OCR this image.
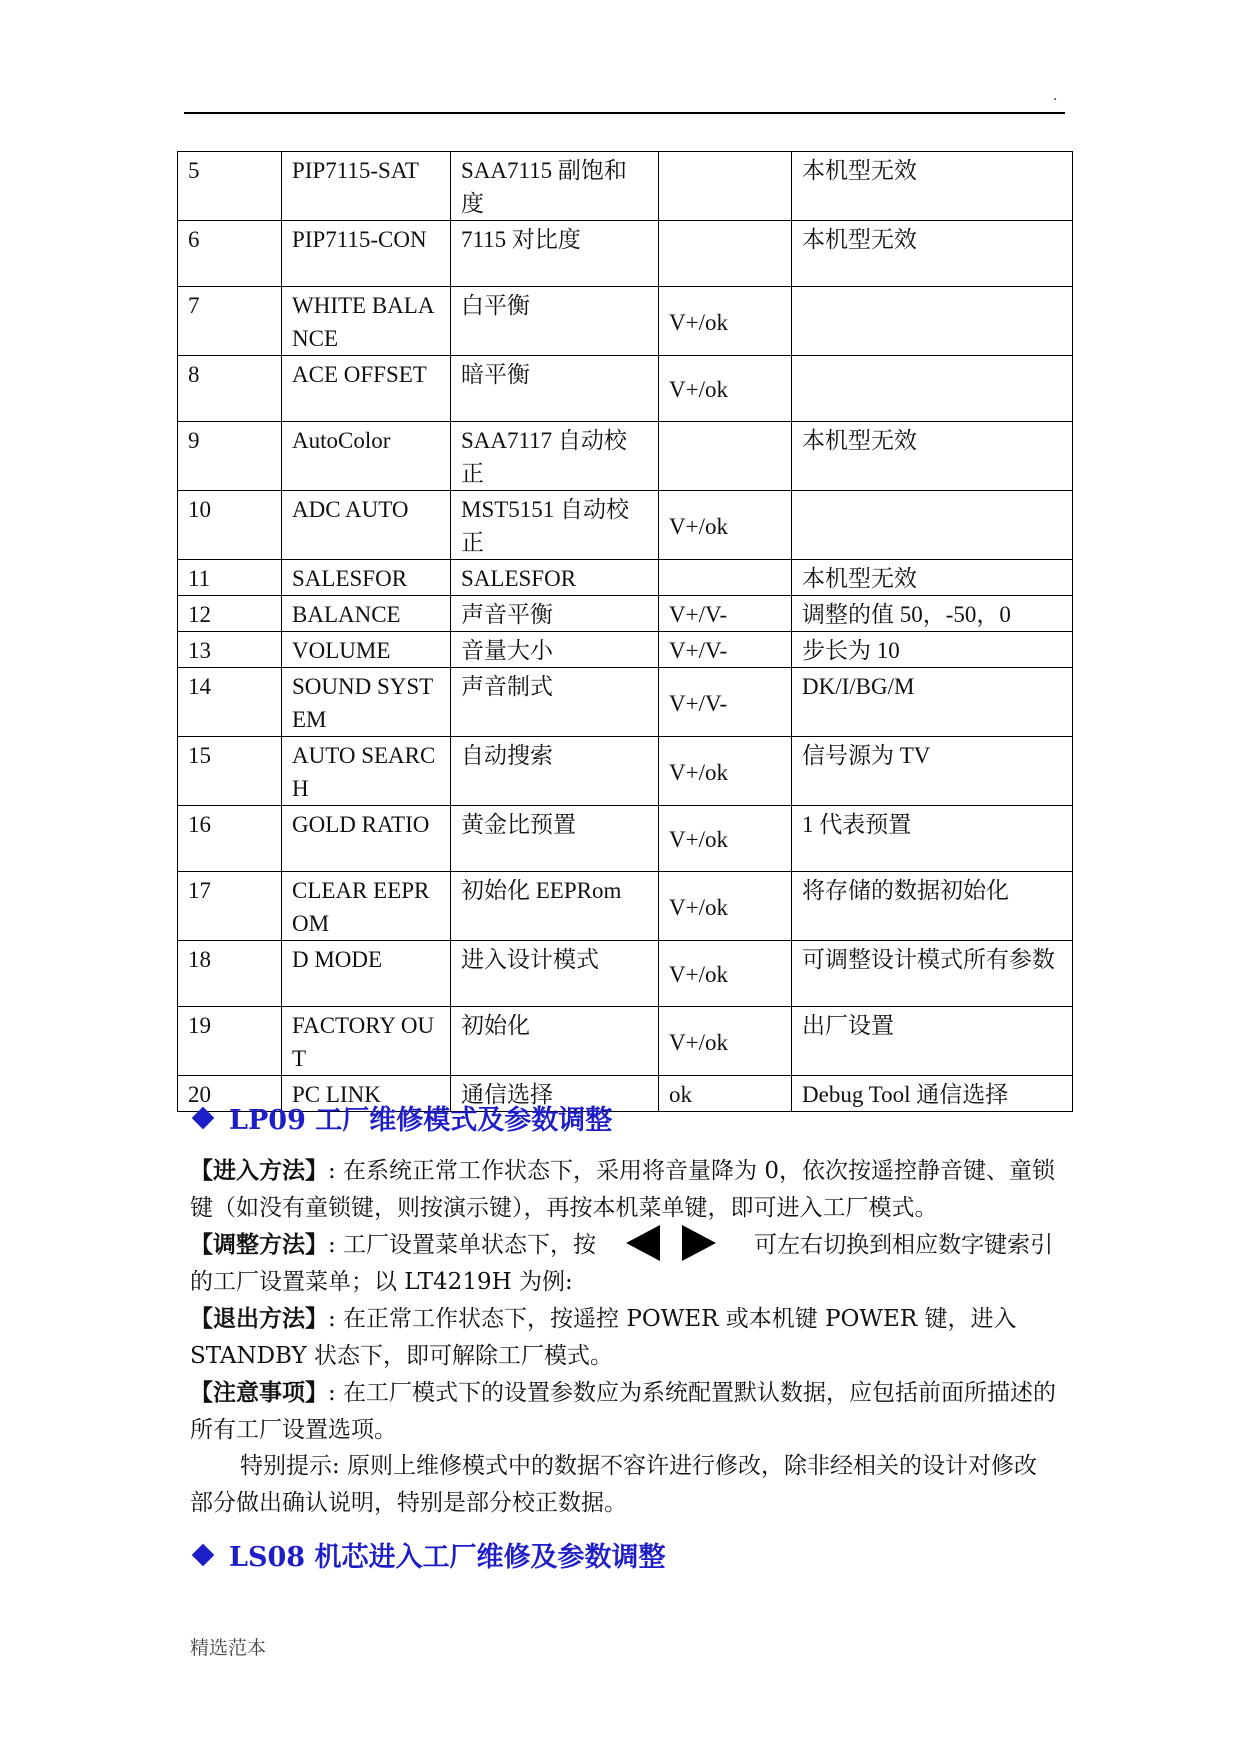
.
5	PIP7115-SAT	SAA7115 副饱和度		本机型无效
6	PIP7115-CON	7115 对比度		本机型无效
7	WHITE BALANCE	白平衡	V+/ok	
8	ACE OFFSET	暗平衡	V+/ok	
9	AutoColor	SAA7117 自动校正		本机型无效
10	ADC AUTO	MST5151 自动校正	V+/ok	
11	SALESFOR	SALESFOR		本机型无效
12	BALANCE	声音平衡	V+/V-	调整的值 50，-50，0
13	VOLUME	音量大小	V+/V-	步长为 10
14	SOUND SYSTEM	声音制式	V+/V-	DK/I/BG/M
15	AUTO SEARCH	自动搜索	V+/ok	信号源为 TV
16	GOLD RATIO	黄金比预置	V+/ok	1 代表预置
17	CLEAR EEPROM	初始化 EEPRom	V+/ok	将存储的数据初始化
18	D MODE	进入设计模式	V+/ok	可调整设计模式所有参数
19	FACTORY OUT	初始化	V+/ok	出厂设置
20	PC LINK	通信选择	ok	Debug Tool 通信选择
LP09 工厂维修模式及参数调整
【进入方法】: 在系统正常工作状态下，采用将音量降为 0，依次按遥控静音键、童锁键（如没有童锁键，则按演示键），再按本机菜单键，即可进入工厂模式。
【调整方法】: 工厂设置菜单状态下，按	可左右切换到相应数字键索引的工厂设置菜单；以 LT4219H 为例:
【退出方法】: 在正常工作状态下，按遥控 POWER 或本机键 POWER 键，进入 STANDBY 状态下，即可解除工厂模式。
【注意事项】: 在工厂模式下的设置参数应为系统配置默认数据，应包括前面所描述的所有工厂设置选项。
特别提示: 原则上维修模式中的数据不容许进行修改，除非经相关的设计对修改部分做出确认说明，特别是部分校正数据。
LS08 机芯进入工厂维修及参数调整
精选范本
